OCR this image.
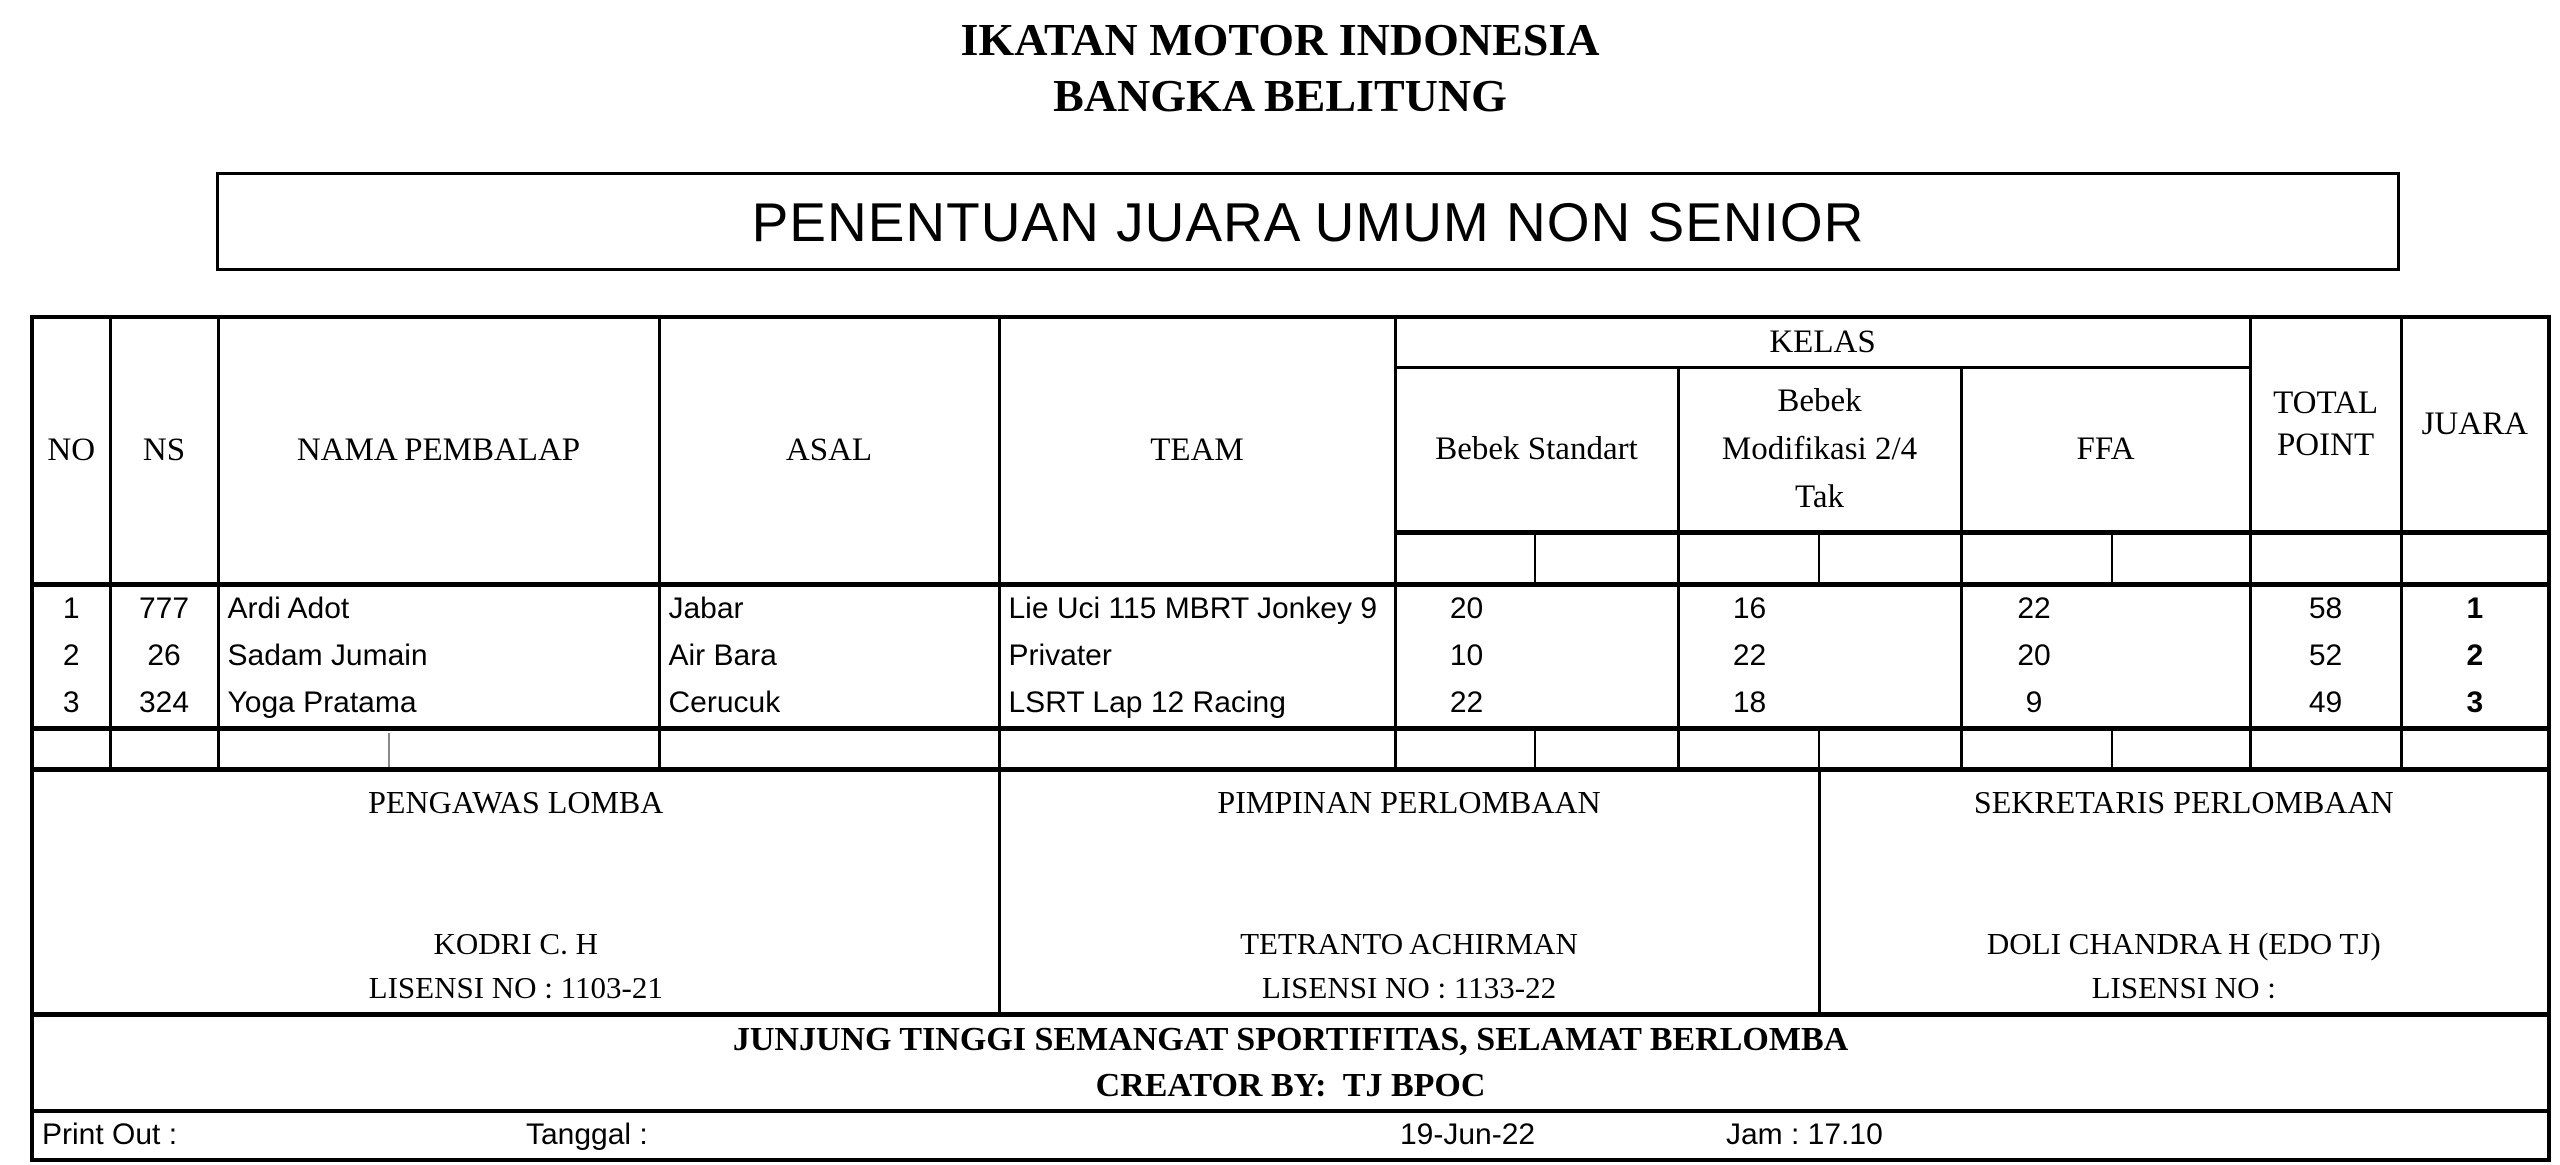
IKATAN MOTOR INDONESIA
BANGKA BELITUNG
PENENTUAN JUARA UMUM NON SENIOR
NO	NS	NAMA PEMBALAP	ASAL	TEAM	KELAS						TOTAL POINT	JUARA
					Bebek Standart		Bebek Modifikasi 2/4 Tak		FFA			

1	777	Ardi Adot	Jabar	Lie Uci 115 MBRT Jonkey 9	20		16		22		58	1
2	26	Sadam Jumain	Air Bara	Privater	10		22		20		52	2
3	324	Yoga Pratama	Cerucuk	LSRT Lap 12 Racing	22		18		9		49	3

PENGAWAS LOMBA
KODRI C. H
LISENSI NO : 1103-21

PIMPINAN PERLOMBAAN
TETRANTO ACHIRMAN
LISENSI NO : 1133-22

SEKRETARIS PERLOMBAAN
DOLI CHANDRA H (EDO TJ)
LISENSI NO :

JUNJUNG TINGGI SEMANGAT SPORTIFITAS, SELAMAT BERLOMBA
CREATOR BY:  TJ BPOC												

Print Out : Tanggal : 19-Jun-22 Jam : 17.10												
